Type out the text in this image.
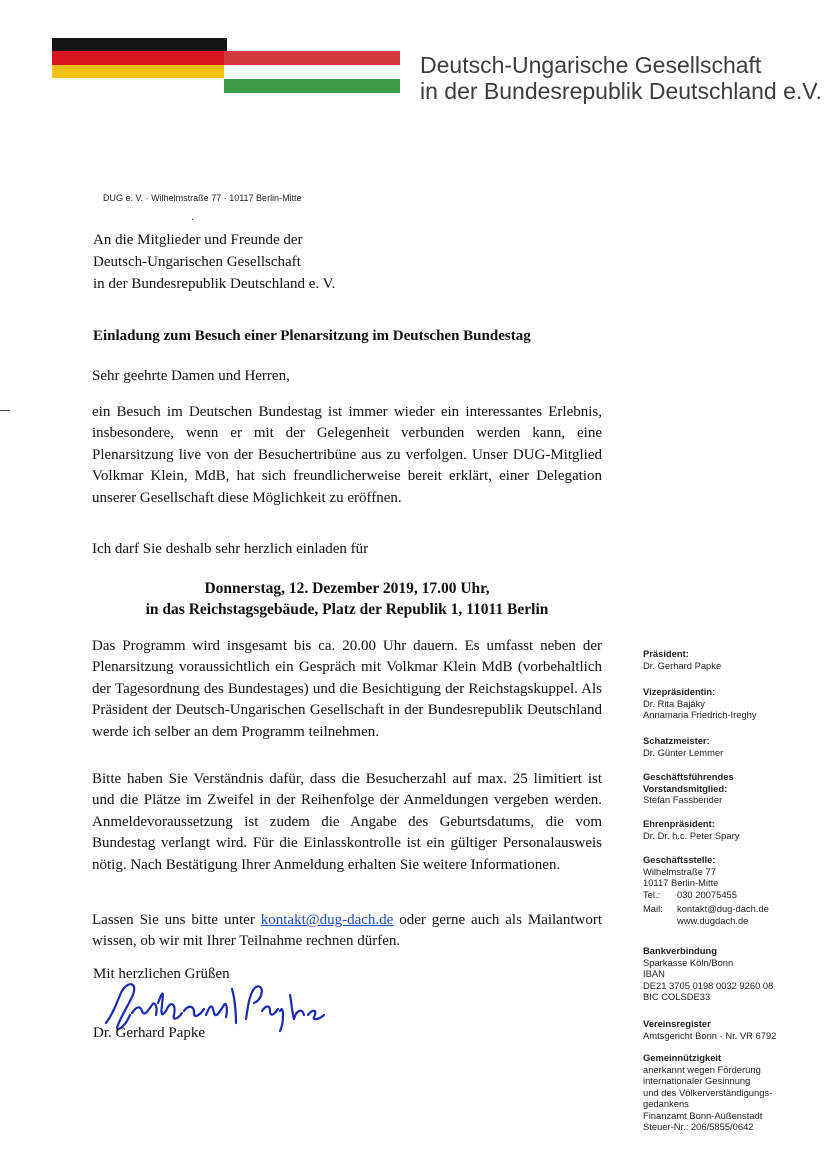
Deutsch-Ungarische Gesellschaft
in der Bundesrepublik Deutschland e.V.
DUG e. V. · Wilhelmstraße 77 · 10117 Berlin-Mitte
·
An die Mitglieder und Freunde der
Deutsch-Ungarischen Gesellschaft
in der Bundesrepublik Deutschland e. V.
Einladung zum Besuch einer Plenarsitzung im Deutschen Bundestag
Sehr geehrte Damen und Herren,
ein Besuch im Deutschen Bundestag ist immer wieder ein interessantes Erlebnis, insbesondere, wenn er mit der Gelegenheit verbunden werden kann, eine Plenarsitzung live von der Besuchertribüne aus zu verfolgen. Unser DUG-Mitglied Volkmar Klein, MdB, hat sich freundlicherweise bereit erklärt, einer Delegation unserer Gesellschaft diese Möglichkeit zu eröffnen.
Ich darf Sie deshalb sehr herzlich einladen für
Donnerstag, 12. Dezember 2019, 17.00 Uhr,
in das Reichstagsgebäude, Platz der Republik 1, 11011 Berlin
Das Programm wird insgesamt bis ca. 20.00 Uhr dauern. Es umfasst neben der Plenarsitzung voraussichtlich ein Gespräch mit Volkmar Klein MdB (vorbehaltlich der Tagesordnung des Bundestages) und die Besichtigung der Reichstagskuppel. Als Präsident der Deutsch-Ungarischen Gesellschaft in der Bundesrepublik Deutschland werde ich selber an dem Programm teilnehmen.
Bitte haben Sie Verständnis dafür, dass die Besucherzahl auf max. 25 limitiert ist und die Plätze im Zweifel in der Reihenfolge der Anmeldungen vergeben werden. Anmeldevoraussetzung ist zudem die Angabe des Geburtsdatums, die vom Bundestag verlangt wird. Für die Einlasskontrolle ist ein gültiger Personalausweis nötig. Nach Bestätigung Ihrer Anmeldung erhalten Sie weitere Informationen.
Lassen Sie uns bitte unter kontakt@dug-dach.de oder gerne auch als Mailantwort wissen, ob wir mit Ihrer Teilnahme rechnen dürfen.
Mit herzlichen Grüßen
Dr. Gerhard Papke
Präsident:
Dr. Gerhard Papke
Vizepräsidentin:
Dr. Rita Bajáky
Annamaria Friedrich-Ireghy
Schatzmeister:
Dr. Günter Lemmer
Geschäftsführendes
Vorstandsmitglied:
Stefan Fassbender
Ehrenpräsident:
Dr. Dr. h.c. Peter Spary
Geschäftsstelle:
Wilhelmstraße 77
10117 Berlin-Mitte
Tel.:	030 20075455
Mail:	kontakt@dug-dach.de
www.dugdach.de
Bankverbindung
Sparkasse Köln/Bonn
IBAN
DE21 3705 0198 0032 9260 08
BIC COLSDE33
Vereinsregister
Amtsgericht Bonn · Nr. VR 6792
Gemeinnützigkeit
anerkannt wegen Förderung
internationaler Gesinnung
und des Völkerverständigungs-
gedankens
Finanzamt Bonn-Außenstadt
Steuer-Nr.: 206/5855/0642
